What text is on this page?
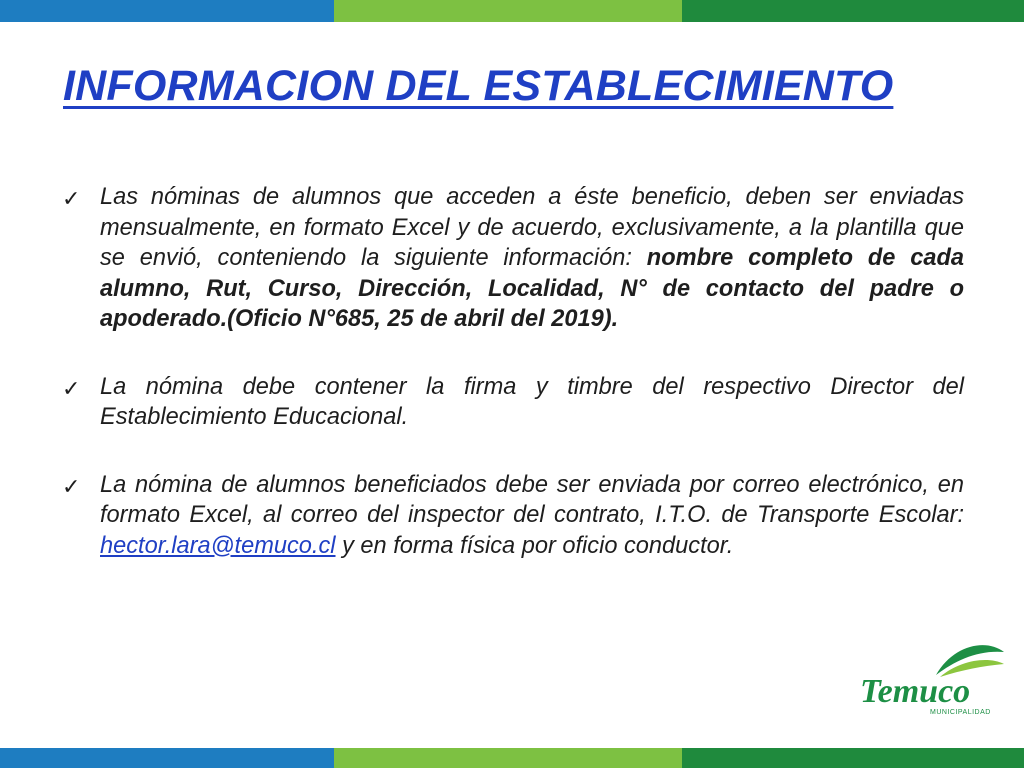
INFORMACION DEL ESTABLECIMIENTO
✓ Las nóminas de alumnos que acceden a éste beneficio, deben ser enviadas mensualmente, en formato Excel y de acuerdo, exclusivamente, a la plantilla que se envió, conteniendo la siguiente información: nombre completo de cada alumno, Rut, Curso, Dirección, Localidad, N° de contacto del padre o apoderado.(Oficio N°685, 25 de abril del 2019).
✓ La nómina debe contener la firma y timbre del respectivo Director del Establecimiento Educacional.
✓ La nómina de alumnos beneficiados debe ser enviada por correo electrónico, en formato Excel, al correo del inspector del contrato, I.T.O. de Transporte Escolar: hector.lara@temuco.cl y en forma física por oficio conductor.
Temuco
MUNICIPALIDAD
